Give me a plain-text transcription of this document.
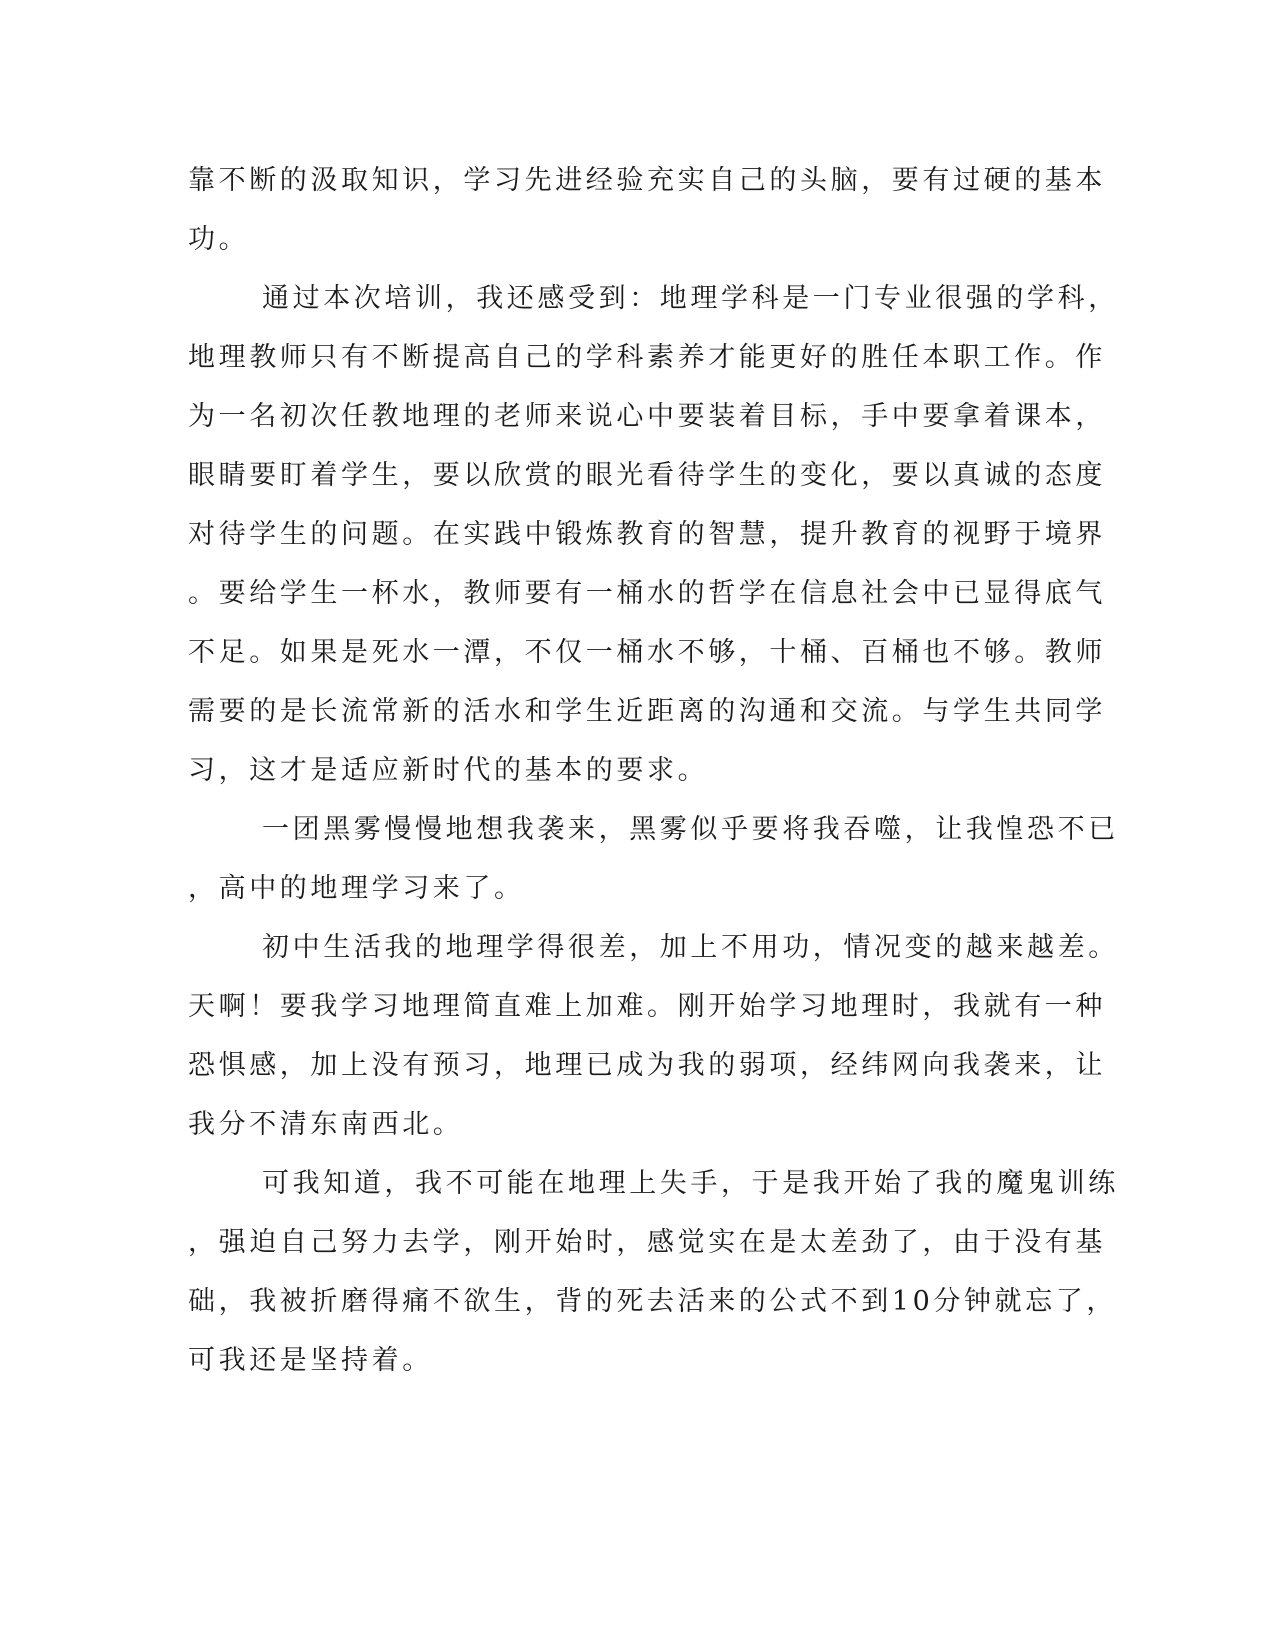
靠不断的汲取知识，学习先进经验充实自己的头脑，要有过硬的基本
功。
通过本次培训，我还感受到：地理学科是一门专业很强的学科，
地理教师只有不断提高自己的学科素养才能更好的胜任本职工作。作
为一名初次任教地理的老师来说心中要装着目标，手中要拿着课本，
眼睛要盯着学生，要以欣赏的眼光看待学生的变化，要以真诚的态度
对待学生的问题。在实践中锻炼教育的智慧，提升教育的视野于境界
。要给学生一杯水，教师要有一桶水的哲学在信息社会中已显得底气
不足。如果是死水一潭，不仅一桶水不够，十桶、百桶也不够。教师
需要的是长流常新的活水和学生近距离的沟通和交流。与学生共同学
习，这才是适应新时代的基本的要求。
一团黑雾慢慢地想我袭来，黑雾似乎要将我吞噬，让我惶恐不已
，高中的地理学习来了。
初中生活我的地理学得很差，加上不用功，情况变的越来越差。
天啊！要我学习地理简直难上加难。刚开始学习地理时，我就有一种
恐惧感，加上没有预习，地理已成为我的弱项，经纬网向我袭来，让
我分不清东南西北。
可我知道，我不可能在地理上失手，于是我开始了我的魔鬼训练
，强迫自己努力去学，刚开始时，感觉实在是太差劲了，由于没有基
础，我被折磨得痛不欲生，背的死去活来的公式不到10分钟就忘了，
可我还是坚持着。
